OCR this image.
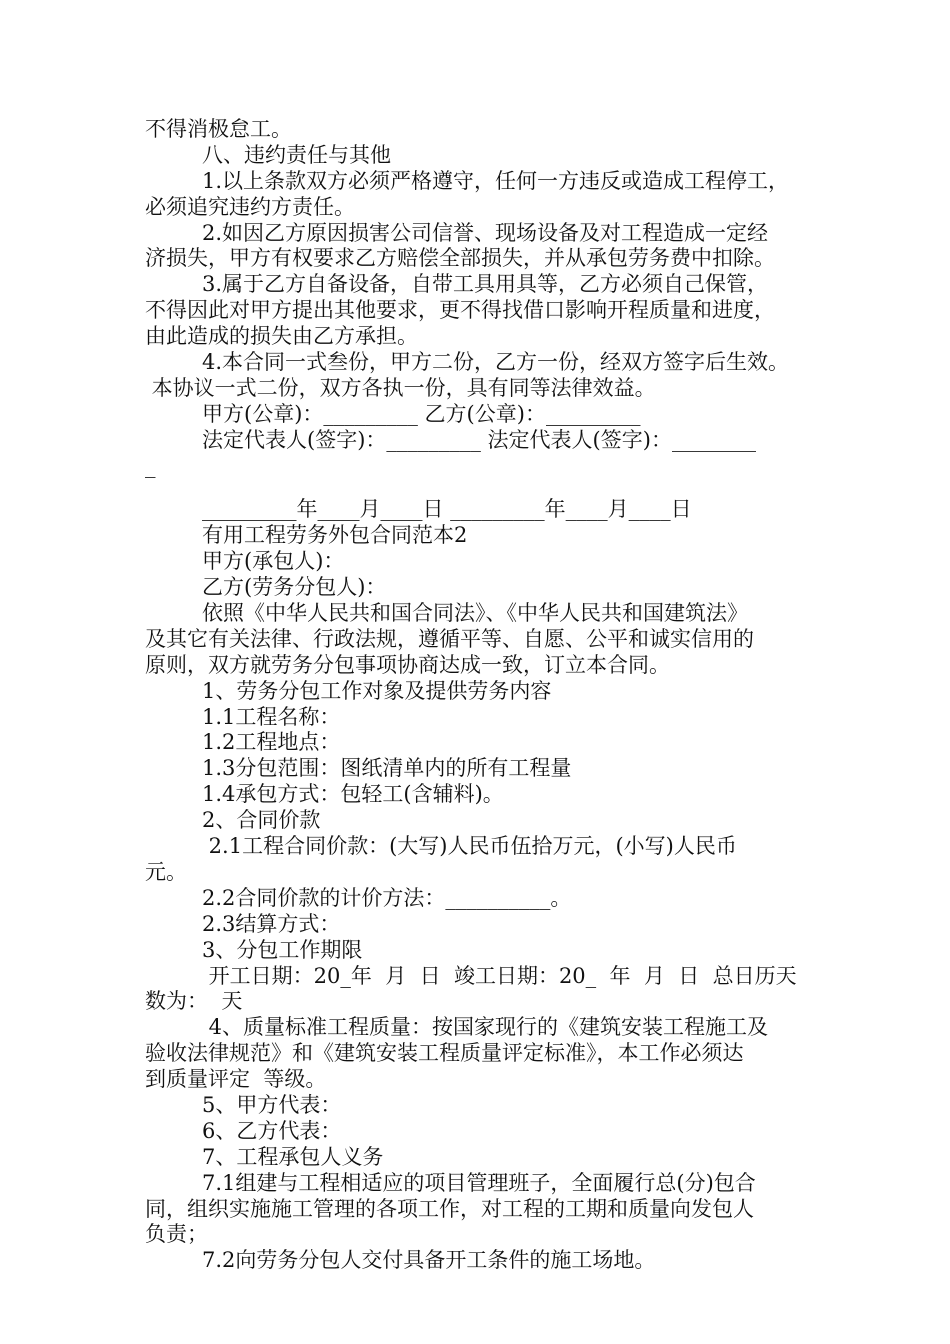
不得消极怠工。
八、违约责任与其他
1.以上条款双方必须严格遵守，任何一方违反或造成工程停工，
必须追究违约方责任。
2.如因乙方原因损害公司信誉、现场设备及对工程造成一定经
济损失，甲方有权要求乙方赔偿全部损失，并从承包劳务费中扣除。
3.属于乙方自备设备，自带工具用具等，乙方必须自己保管，
不得因此对甲方提出其他要求，更不得找借口影响开程质量和进度，
由此造成的损失由乙方承担。
4.本合同一式叁份，甲方二份，乙方一份，经双方签字后生效。
本协议一式二份，双方各执一份，具有同等法律效益。
甲方(公章)：_________ 乙方(公章)：_________
法定代表人(签字)：_________ 法定代表人(签字)：________
_
_________年____月____日 _________年____月____日
有用工程劳务外包合同范本2
甲方(承包人)：
乙方(劳务分包人)：
依照《中华人民共和国合同法》、《中华人民共和国建筑法》
及其它有关法律、行政法规，遵循平等、自愿、公平和诚实信用的
原则，双方就劳务分包事项协商达成一致，订立本合同。
1、劳务分包工作对象及提供劳务内容
1.1工程名称：
1.2工程地点：
1.3分包范围：图纸清单内的所有工程量
1.4承包方式：包轻工(含辅料)。
2、合同价款
2.1工程合同价款：(大写)人民币伍拾万元，(小写)人民币
元。
2.2合同价款的计价方法：__________。
2.3结算方式：
3、分包工作期限
开工日期：20_年  月  日  竣工日期：20_  年  月  日  总日历天
数为：  天
4、质量标准工程质量：按国家现行的《建筑安装工程施工及
验收法律规范》和《建筑安装工程质量评定标准》，本工作必须达
到质量评定  等级。
5、甲方代表：
6、乙方代表：
7、工程承包人义务
7.1组建与工程相适应的项目管理班子，全面履行总(分)包合
同，组织实施施工管理的各项工作，对工程的工期和质量向发包人
负责；
7.2向劳务分包人交付具备开工条件的施工场地。
